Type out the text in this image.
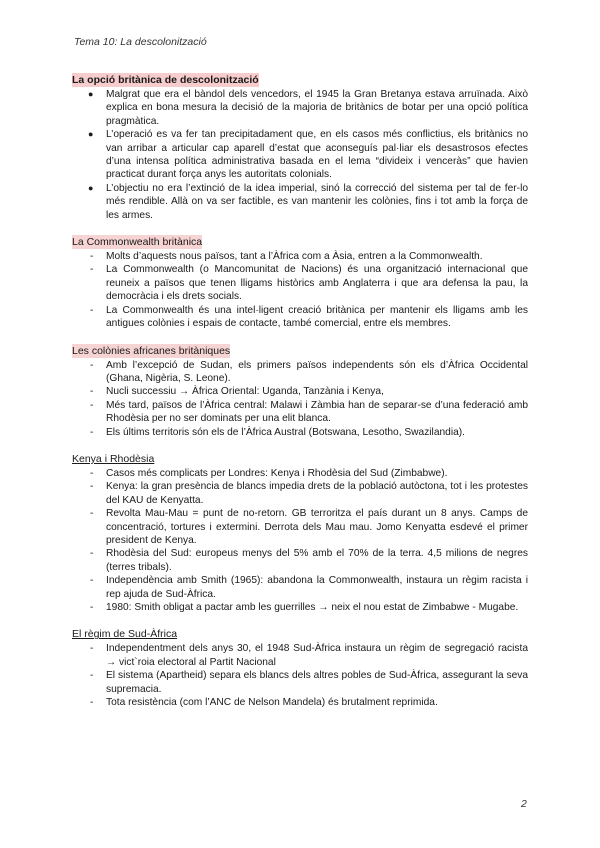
Tema 10: La descolonització
La opció britànica de descolonització
● Malgrat que era el bàndol dels vencedors, el 1945 la Gran Bretanya estava arruïnada. Això explica en bona mesura la decisió de la majoria de britànics de botar per una opció política pragmàtica.
● L’operació es va fer tan precipitadament que, en els casos més conflictius, els britànics no van arribar a articular cap aparell d’estat que aconseguís pal·liar els desastrosos efectes d’una intensa política administrativa basada en el lema “divideix i venceràs” que havien practicat durant força anys les autoritats colonials.
● L’objectiu no era l’extinció de la idea imperial, sinó la correcció del sistema per tal de fer-lo més rendible. Allà on va ser factible, es van mantenir les colònies, fins i tot amb la força de les armes.
La Commonwealth britànica
- Molts d’aquests nous països, tant a l’Àfrica com a Àsia, entren a la Commonwealth.
- La Commonwealth (o Mancomunitat de Nacions) és una organització internacional que reuneix a països que tenen lligams històrics amb Anglaterra i que ara defensa la pau, la democràcia i els drets socials.
- La Commonwealth és una intel·ligent creació britànica per mantenir els lligams amb les antigues colònies i espais de contacte, també comercial, entre els membres.
Les colònies africanes britàniques
- Amb l’excepció de Sudan, els primers països independents són els d’Àfrica Occidental (Ghana, Nigèria, S. Leone).
- Nucli successiu → Àfrica Oriental: Uganda, Tanzània i Kenya,
- Més tard, països de l’Àfrica central: Malawi i Zàmbia han de separar-se d’una federació amb Rhodèsia per no ser dominats per una elit blanca.
- Els últims territoris són els de l’Àfrica Austral (Botswana, Lesotho, Swazilandia).
Kenya i Rhodèsia
- Casos més complicats per Londres: Kenya i Rhodèsia del Sud (Zimbabwe).
- Kenya: la gran presència de blancs impedia drets de la població autòctona, tot i les protestes del KAU de Kenyatta.
- Revolta Mau-Mau = punt de no-retorn. GB terroritza el país durant un 8 anys. Camps de concentració, tortures i extermini. Derrota dels Mau mau. Jomo Kenyatta esdevé el primer president de Kenya.
- Rhodèsia del Sud: europeus menys del 5% amb el 70% de la terra. 4,5 milions de negres (terres tribals).
- Independència amb Smith (1965): abandona la Commonwealth, instaura un règim racista i rep ajuda de Sud-Àfrica.
- 1980: Smith obligat a pactar amb les guerrilles → neix el nou estat de Zimbabwe - Mugabe.
El règim de Sud-Àfrica
- Independentment dels anys 30, el 1948 Sud-Àfrica instaura un règim de segregació racista → vict`roia electoral al Partit Nacional
- El sistema (Apartheid) separa els blancs dels altres pobles de Sud-Àfrica, assegurant la seva supremacia.
- Tota resistència (com l’ANC de Nelson Mandela) és brutalment reprimida.
2
